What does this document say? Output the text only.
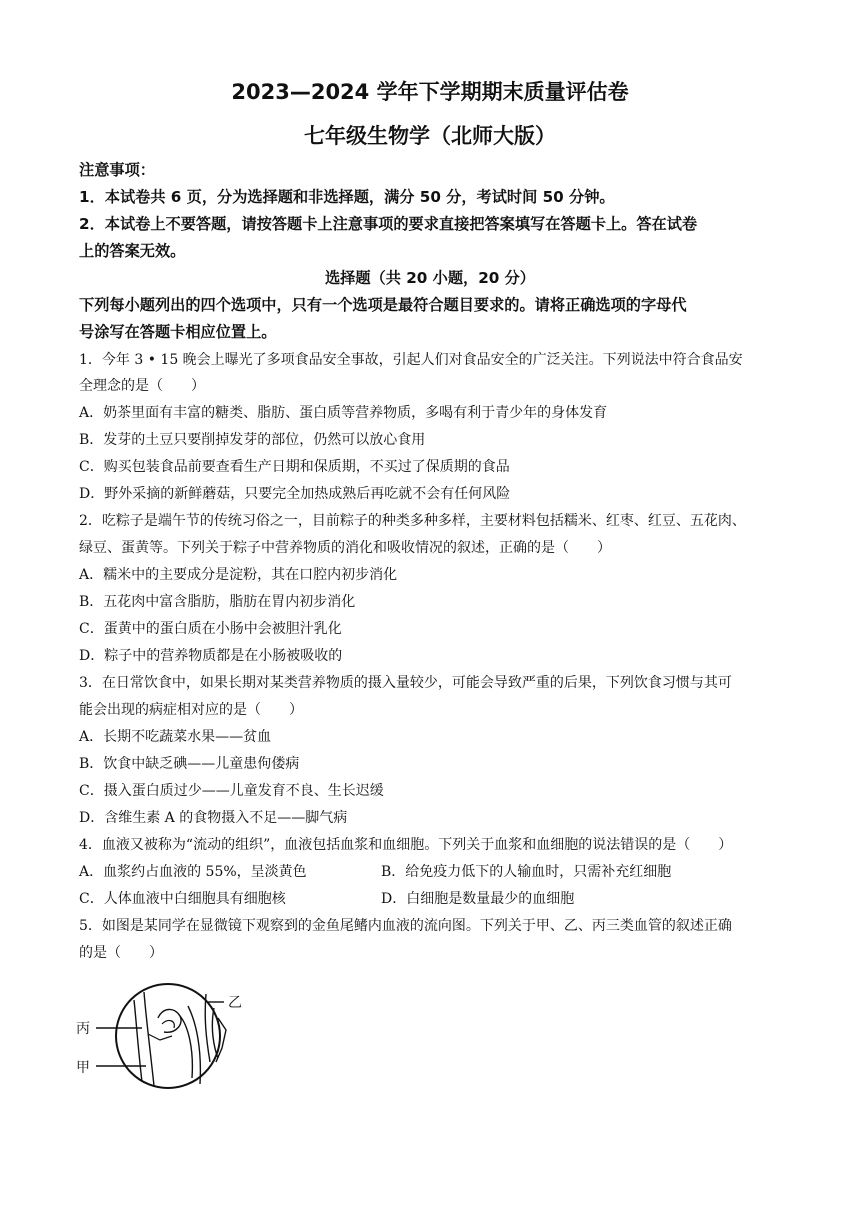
2023—2024 学年下学期期末质量评估卷
七年级生物学（北师大版）
注意事项：
1．本试卷共 6 页，分为选择题和非选择题，满分 50 分，考试时间 50 分钟。
2．本试卷上不要答题，请按答题卡上注意事项的要求直接把答案填写在答题卡上。答在试卷
上的答案无效。
选择题（共 20 小题，20 分）
下列每小题列出的四个选项中，只有一个选项是最符合题目要求的。请将正确选项的字母代
号涂写在答题卡相应位置上。
1．今年 3 • 15 晚会上曝光了多项食品安全事故，引起人们对食品安全的广泛关注。下列说法中符合食品安
全理念的是（　　）
A．奶茶里面有丰富的糖类、脂肪、蛋白质等营养物质，多喝有利于青少年的身体发育
B．发芽的土豆只要削掉发芽的部位，仍然可以放心食用
C．购买包装食品前要查看生产日期和保质期，不买过了保质期的食品
D．野外采摘的新鲜蘑菇，只要完全加热成熟后再吃就不会有任何风险
2．吃粽子是端午节的传统习俗之一，目前粽子的种类多种多样，主要材料包括糯米、红枣、红豆、五花肉、
绿豆、蛋黄等。下列关于粽子中营养物质的消化和吸收情况的叙述，正确的是（　　）
A．糯米中的主要成分是淀粉，其在口腔内初步消化
B．五花肉中富含脂肪，脂肪在胃内初步消化
C．蛋黄中的蛋白质在小肠中会被胆汁乳化
D．粽子中的营养物质都是在小肠被吸收的
3．在日常饮食中，如果长期对某类营养物质的摄入量较少，可能会导致严重的后果，下列饮食习惯与其可
能会出现的病症相对应的是（　　）
A．长期不吃蔬菜水果——贫血
B．饮食中缺乏碘——儿童患佝偻病
C．摄入蛋白质过少——儿童发育不良、生长迟缓
D．含维生素 A 的食物摄入不足——脚气病
4．血液又被称为“流动的组织”，血液包括血浆和血细胞。下列关于血浆和血细胞的说法错误的是（　　）
A．血浆约占血液的 55%，呈淡黄色	B．给免疫力低下的人输血时，只需补充红细胞
C．人体血液中白细胞具有细胞核	D．白细胞是数量最少的血细胞
5．如图是某同学在显微镜下观察到的金鱼尾鳍内血液的流向图。下列关于甲、乙、丙三类血管的叙述正确
的是（　　）
丙
甲
乙
